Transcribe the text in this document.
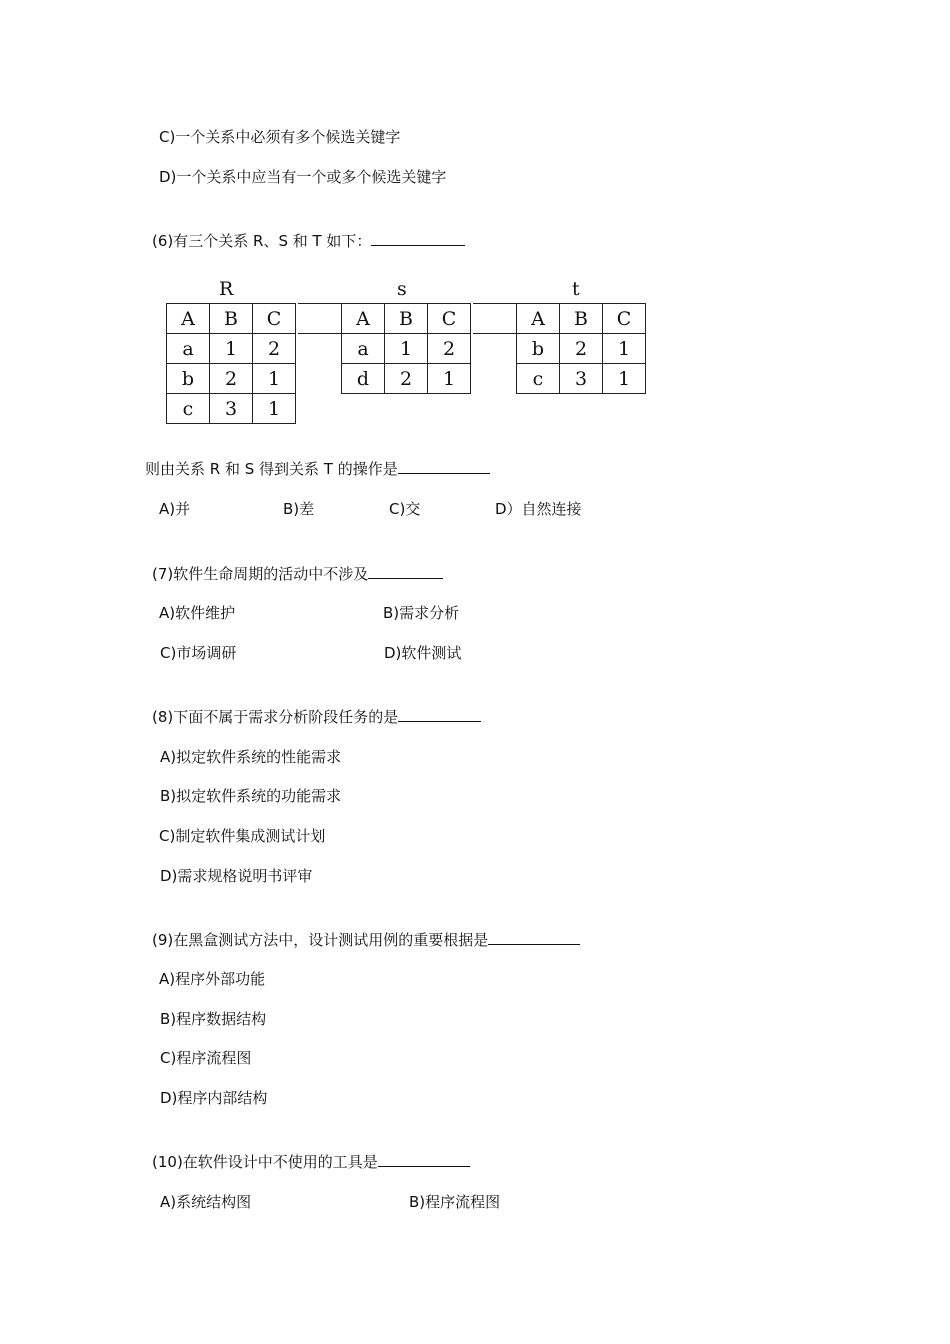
C)一个关系中必须有多个候选关键字
D)一个关系中应当有一个或多个候选关键字
(6)有三个关系 R、S 和 T 如下：
R	s	t
A	B	C
a	1	2
b	2	1
c	3	1
A	B	C
a	1	2
d	2	1
A	B	C
b	2	1
c	3	1
则由关系 R 和 S 得到关系 T 的操作是
A)并	B)差	C)交	D）自然连接
(7)软件生命周期的活动中不涉及
A)软件维护	B)需求分析
C)市场调研	D)软件测试
(8)下面不属于需求分析阶段任务的是
A)拟定软件系统的性能需求
B)拟定软件系统的功能需求
C)制定软件集成测试计划
D)需求规格说明书评审
(9)在黑盒测试方法中，设计测试用例的重要根据是
A)程序外部功能
B)程序数据结构
C)程序流程图
D)程序内部结构
(10)在软件设计中不使用的工具是
A)系统结构图	B)程序流程图
